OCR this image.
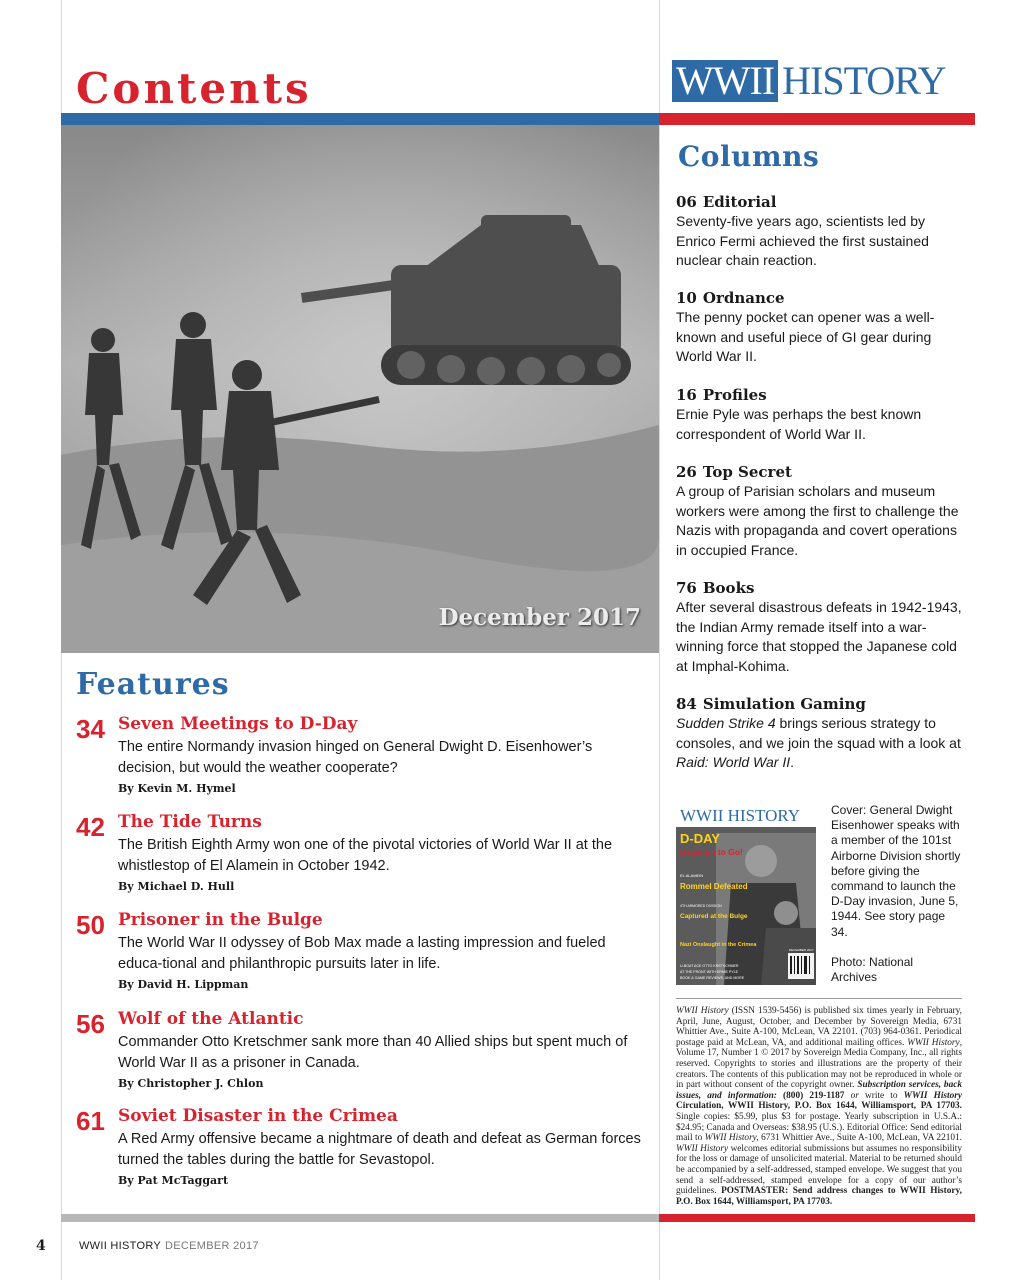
Contents	WWII HISTORY
December 2017
Features
34 Seven Meetings to D-Day
The entire Normandy invasion hinged on General Dwight D. Eisenhower’s decision, but would the weather cooperate?
By Kevin M. Hymel
42 The Tide Turns
The British Eighth Army won one of the pivotal victories of World War II at the whistlestop of El Alamein in October 1942.
By Michael D. Hull
50 Prisoner in the Bulge
The World War II odyssey of Bob Max made a lasting impression and fueled educa-tional and philanthropic pursuits later in life.
By David H. Lippman
56 Wolf of the Atlantic
Commander Otto Kretschmer sank more than 40 Allied ships but spent much of World War II as a prisoner in Canada.
By Christopher J. Chlon
61 Soviet Disaster in the Crimea
A Red Army offensive became a nightmare of death and defeat as German forces turned the tables during the battle for Sevastopol.
By Pat McTaggart
Columns
06 Editorial
Seventy-five years ago, scientists led by Enrico Fermi achieved the first sustained nuclear chain reaction.
10 Ordnance
The penny pocket can opener was a well-known and useful piece of GI gear during World War II.
16 Profiles
Ernie Pyle was perhaps the best known correspondent of World War II.
26 Top Secret
A group of Parisian scholars and museum workers were among the first to challenge the Nazis with propaganda and covert operations in occupied France.
76 Books
After several disastrous defeats in 1942-1943, the Indian Army remade itself into a war-winning force that stopped the Japanese cold at Imphal-Kohima.
84 Simulation Gaming
Sudden Strike 4 brings serious strategy to consoles, and we join the squad with a look at Raid: World War II.
WWII HISTORY
D-DAY
Decision to Go!
EL ALAMEIN
Rommel Defeated
4TH ARMORED DIVISION
Captured at the Bulge
Nazi Onslaught in the Crimea
U-BOAT ACE OTTO KRETSCHMER
AT THE FRONT WITH ERNIE PYLE
BOOK & GAME REVIEWS, AND MORE
DECEMBER 2017
Cover: General Dwight Eisenhower speaks with a member of the 101st Airborne Division shortly before giving the command to launch the D-Day invasion, June 5, 1944. See story page 34.
Photo: National Archives
WWII History (ISSN 1539-5456) is published six times yearly in February, April, June, August, October, and December by Sovereign Media, 6731 Whittier Ave., Suite A-100, McLean, VA 22101. (703) 964-0361. Periodical postage paid at McLean, VA, and additional mailing offices. WWII History, Volume 17, Number 1 © 2017 by Sovereign Media Company, Inc., all rights reserved. Copyrights to stories and illustrations are the property of their creators. The contents of this publication may not be reproduced in whole or in part without consent of the copyright owner. Subscription services, back issues, and information: (800) 219-1187 or write to WWII History Circulation, WWII History, P.O. Box 1644, Williamsport, PA 17703. Single copies: $5.99, plus $3 for postage. Yearly subscription in U.S.A.: $24.95; Canada and Overseas: $38.95 (U.S.). Editorial Office: Send editorial mail to WWII History, 6731 Whittier Ave., Suite A-100, McLean, VA 22101. WWII History welcomes editorial submissions but assumes no responsibility for the loss or damage of unsolicited material. Material to be returned should be accompanied by a self-addressed, stamped envelope. We suggest that you send a self-addressed, stamped envelope for a copy of our author’s guidelines. POSTMASTER: Send address changes to WWII History, P.O. Box 1644, Williamsport, PA 17703.
4	WWII HISTORY DECEMBER 2017
